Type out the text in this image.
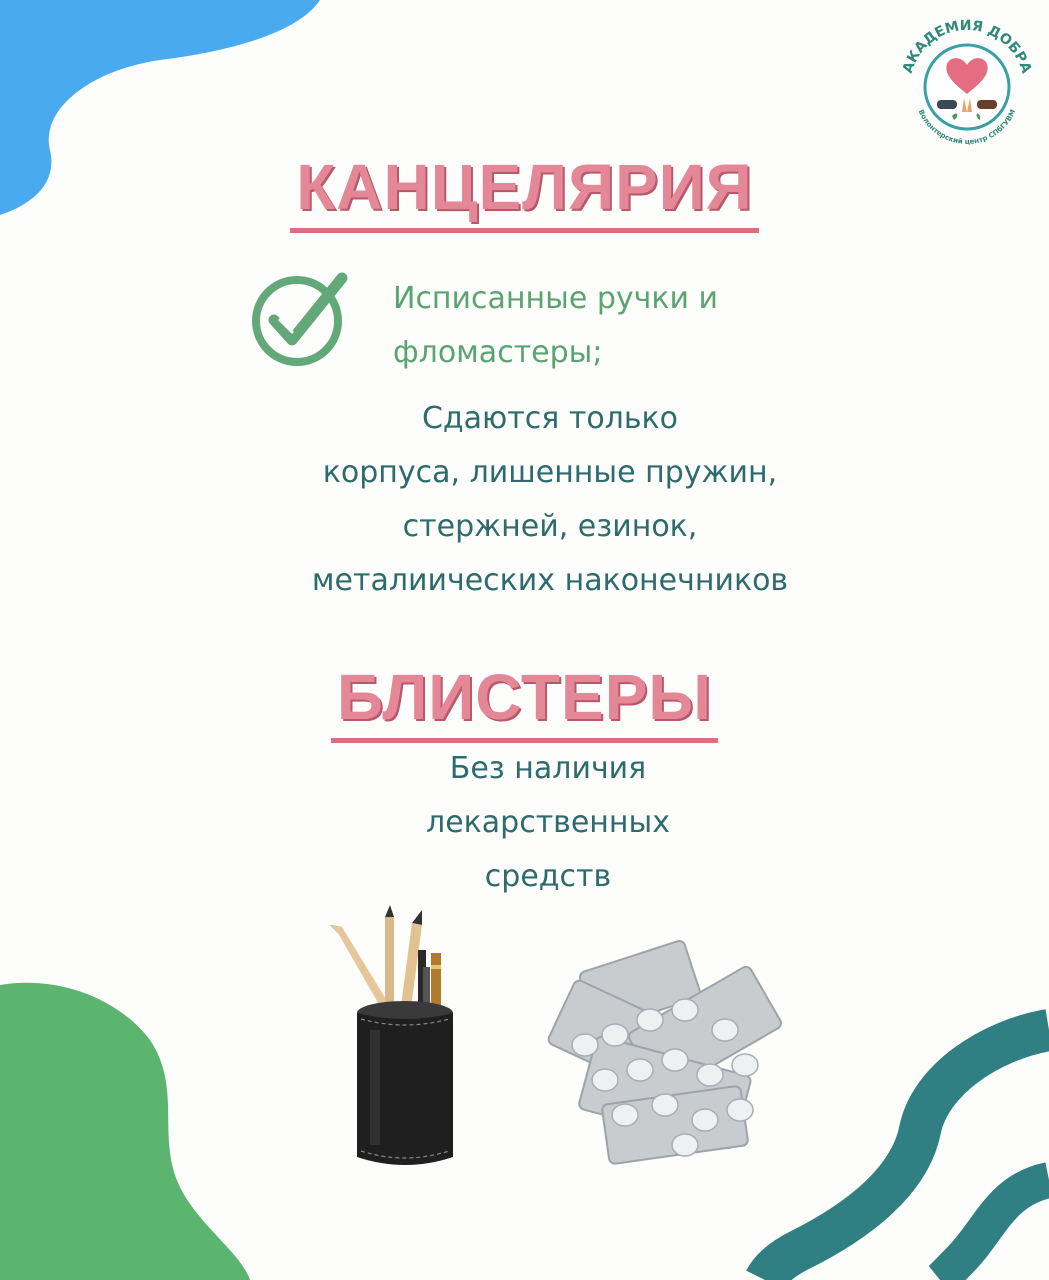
АКАДЕМИЯ ДОБРА
Волонтерский центр СПбГУВМ
КАНЦЕЛЯРИЯ
Исписанные ручки и
фломастеры;
Сдаются только
корпуса, лишенные пружин,
стержней, езинок,
металиических наконечников
БЛИСТЕРЫ
Без наличия
лекарственных
средств
